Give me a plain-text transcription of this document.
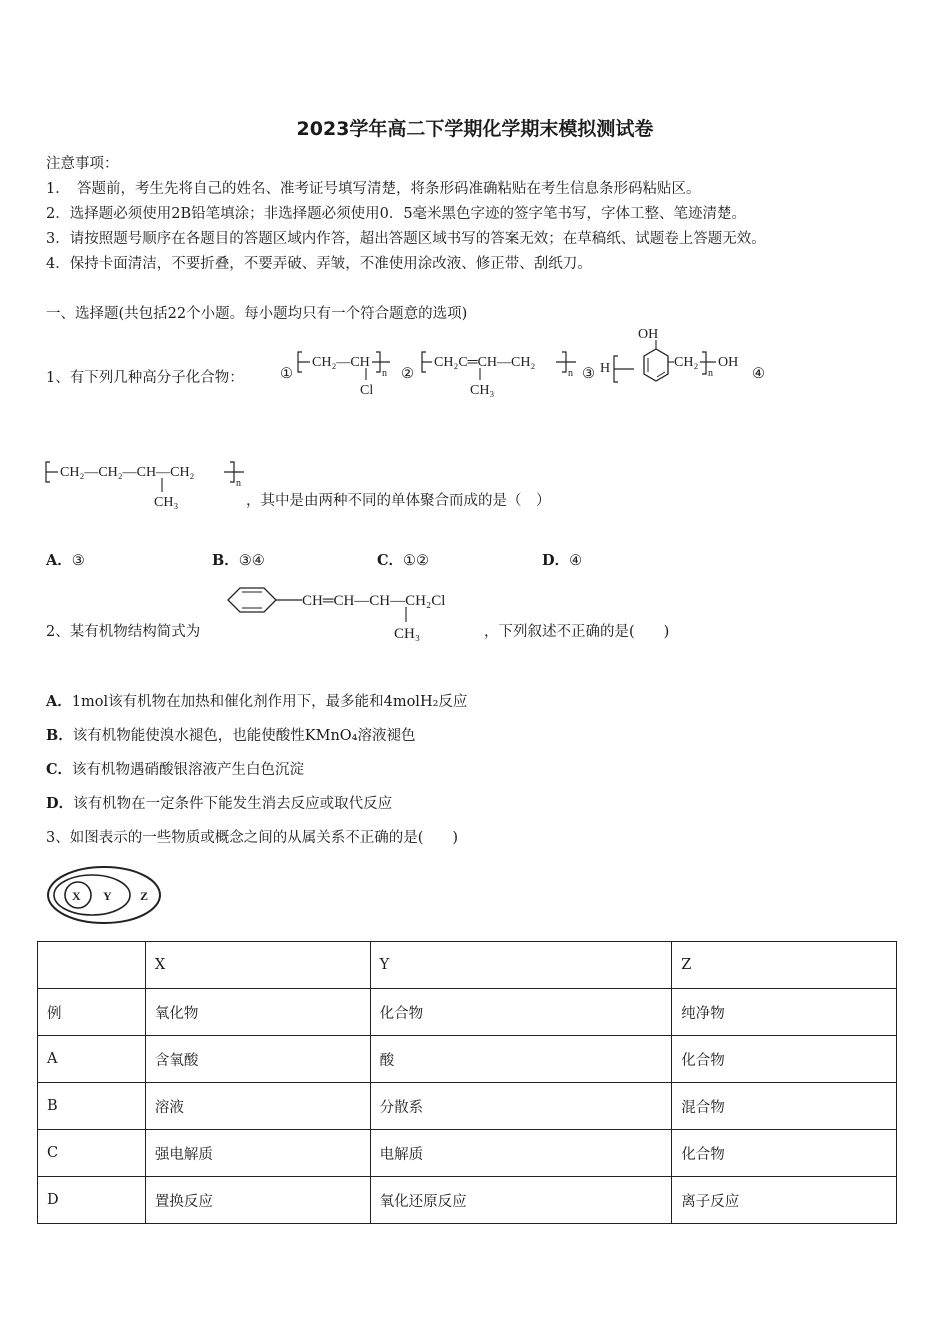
2023学年高二下学期化学期末模拟测试卷
注意事项：
1．　答题前，考生先将自己的姓名、准考证号填写清楚，将条形码准确粘贴在考生信息条形码粘贴区。
2．选择题必须使用2B铅笔填涂；非选择题必须使用0．5毫米黑色字迹的签字笔书写，字体工整、笔迹清楚。
3．请按照题号顺序在各题目的答题区域内作答，超出答题区域书写的答案无效；在草稿纸、试题卷上答题无效。
4．保持卡面清洁，不要折叠，不要弄破、弄皱，不准使用涂改液、修正带、刮纸刀。
一、选择题(共包括22个小题。每小题均只有一个符合题意的选项)
1、有下列几种高分子化合物：	①	②	③	④
CH₂—CH
n
Cl
CH₂C═CH—CH₂
n
CH₃
H
OH
CH₂
n
OH
CH₂—CH₂—CH—CH₂
n
CH₃	，其中是由两种不同的单体聚合而成的是（　）
A．③	B．③④	C．①②	D．④
2、某有机物结构简式为
CH═CH—CH—CH₂Cl
CH₃	，下列叙述不正确的是(　　)
A．1mol该有机物在加热和催化剂作用下，最多能和4molH₂反应
B．该有机物能使溴水褪色，也能使酸性KMnO₄溶液褪色
C．该有机物遇硝酸银溶液产生白色沉淀
D．该有机物在一定条件下能发生消去反应或取代反应
3、如图表示的一些物质或概念之间的从属关系不正确的是(　　)
X Y Z
	X	Y	Z
例	氧化物	化合物	纯净物
A	含氧酸	酸	化合物
B	溶液	分散系	混合物
C	强电解质	电解质	化合物
D	置换反应	氧化还原反应	离子反应
